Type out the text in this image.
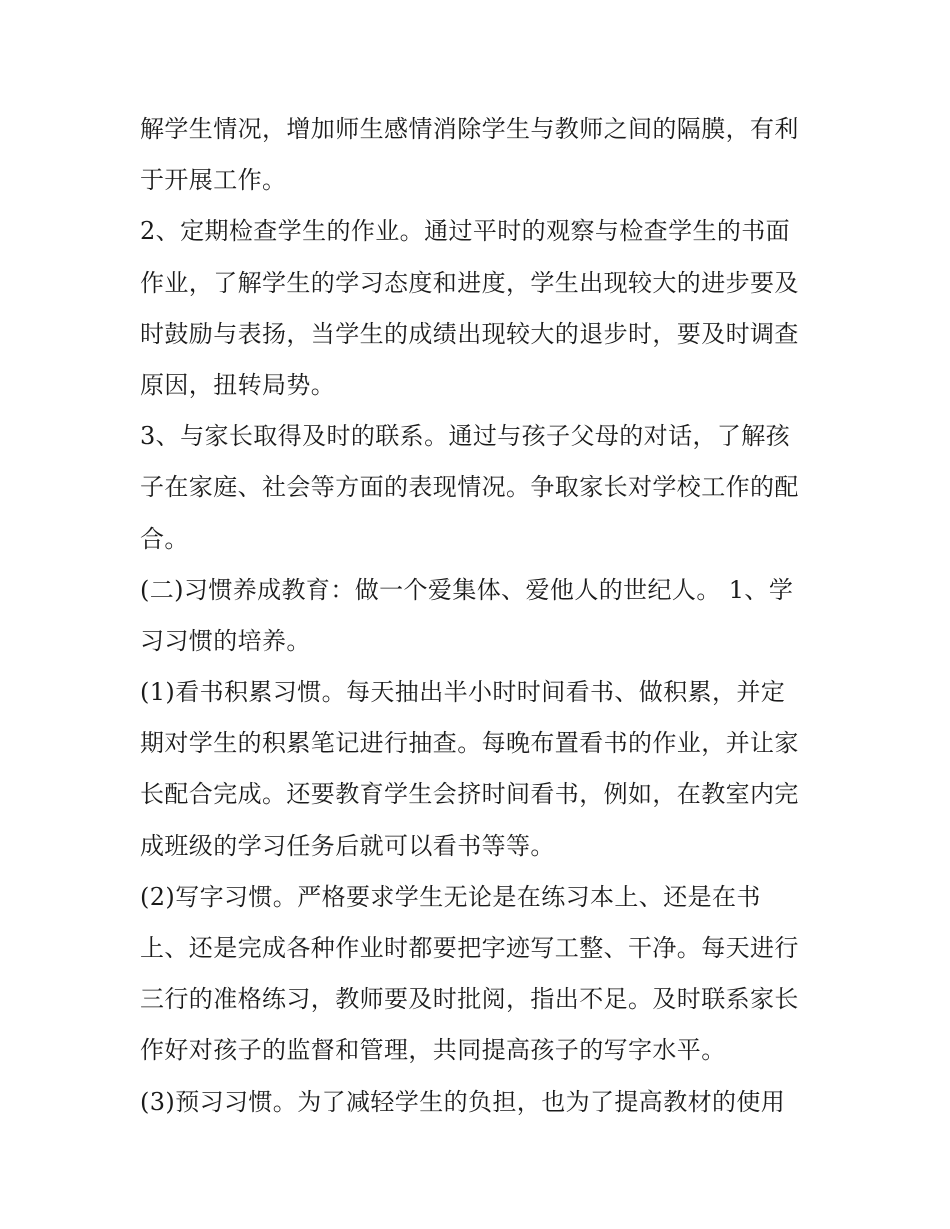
解学生情况，增加师生感情消除学生与教师之间的隔膜，有利
于开展工作。
2、定期检查学生的作业。通过平时的观察与检查学生的书面
作业，了解学生的学习态度和进度，学生出现较大的进步要及
时鼓励与表扬，当学生的成绩出现较大的退步时，要及时调查
原因，扭转局势。
3、与家长取得及时的联系。通过与孩子父母的对话，了解孩
子在家庭、社会等方面的表现情况。争取家长对学校工作的配
合。
(二)习惯养成教育：做一个爱集体、爱他人的世纪人。 1、学
习习惯的培养。
(1)看书积累习惯。每天抽出半小时时间看书、做积累，并定
期对学生的积累笔记进行抽查。每晚布置看书的作业，并让家
长配合完成。还要教育学生会挤时间看书，例如，在教室内完
成班级的学习任务后就可以看书等等。
(2)写字习惯。严格要求学生无论是在练习本上、还是在书
上、还是完成各种作业时都要把字迹写工整、干净。每天进行
三行的准格练习，教师要及时批阅，指出不足。及时联系家长
作好对孩子的监督和管理，共同提高孩子的写字水平。
(3)预习习惯。为了减轻学生的负担，也为了提高教材的使用
